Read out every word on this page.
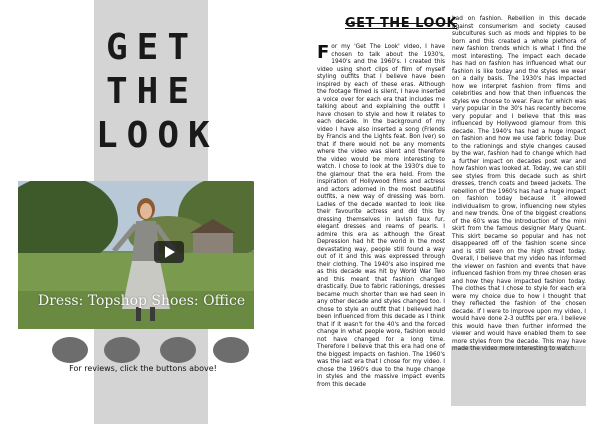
GET
THE
LOOK
Dress: Topshop Shoes: Office
For reviews, click the buttons above!
GET THE LOOK
F or my 'Get The Look' video, I have chosen to talk about the 1930's, 1940's and the 1960's. I created this video using short clips of film of myself styling outfits that I believe have been inspired by each of these eras. Although the footage filmed is silent, I have inserted a voice over for each era that includes me talking about and explaining the outfit I have chosen to style and how it relates to each decade. In the background of my video I have also inserted a song (Friends by Francis and the Lights feat. Bon Iver) so that if there would not be any moments where the video was silent and therefore the video would be more interesting to watch. I chose to look at the 1930's due to the glamour that the era held. From the inspiration of Hollywood films and actress and actors adorned in the most beautiful outfits, a new way of dressing was born. Ladies of the decade wanted to look like their favourite actress and did this by dressing themselves in lavish faux fur, elegant dresses and reams of pearls. I admire this era as although the Great Depression had hit the world in the most devastating way, people still found a way out of it and this was expressed through their clothing. The 1940's also inspired me as this decade was hit by World War Two and this meant that fashion changed drastically. Due to fabric rationings, dresses became much shorter than we had seen in any other decade and styles changed too. I chose to style an outfit that I believed had been influenced from this decade as I think that if it wasn't for the 40's and the forced change in what people wore, fashion would not have changed for a long time. Therefore I believe that this era had one of the biggest impacts on fashion. The 1960's was the last era that I chose for my video. I chose the 1960's due to the huge change in styles and the massive impact events from this decade
had on fashion. Rebellion in this decade against consumerism and society caused subcultures such as mods and hippies to be born and this created a whole plethora of new fashion trends which is what I find the most interesting. The impact each decade has had on fashion has influenced what our fashion is like today and the styles we wear on a daily basis. The 1930's has impacted how we interpret fashion from films and celebrities and how that then influences the styles we choose to wear. Faux fur which was very popular in the 30's has recently become very popular and I believe that this was influenced by Hollywood glamour from this decade. The 1940's has had a huge impact on fashion and how we use fabric today. Due to the rationings and style changes caused by the war, fashion had to change which had a further impact on decades post war and how fashion was looked at. Today, we can still see styles from this decade such as shirt dresses, trench coats and tweed jackets. The rebellion of the 1960's has had a huge impact on fashion today because it allowed individualism to grow, influencing new styles and new trends. One of the biggest creations of the 60's was the introduction of the mini skirt from the famous designer Mary Quant. This skirt became so popular and has not disappeared off of the fashion scene since and is still seen on the high street today. Overall, I believe that my video has informed the viewer on fashion and events that have influenced fashion from my three chosen eras and how they have impacted fashion today. The clothes that I chose to style for each era were my choice due to how I thought that they reflected the fashion of the chosen decade. If I were to improve upon my video, I would have done 2-3 outfits per era. I believe this would have then further informed the viewer and would have enabled them to see more styles from the decade. This may have made the video more interesting to watch.
